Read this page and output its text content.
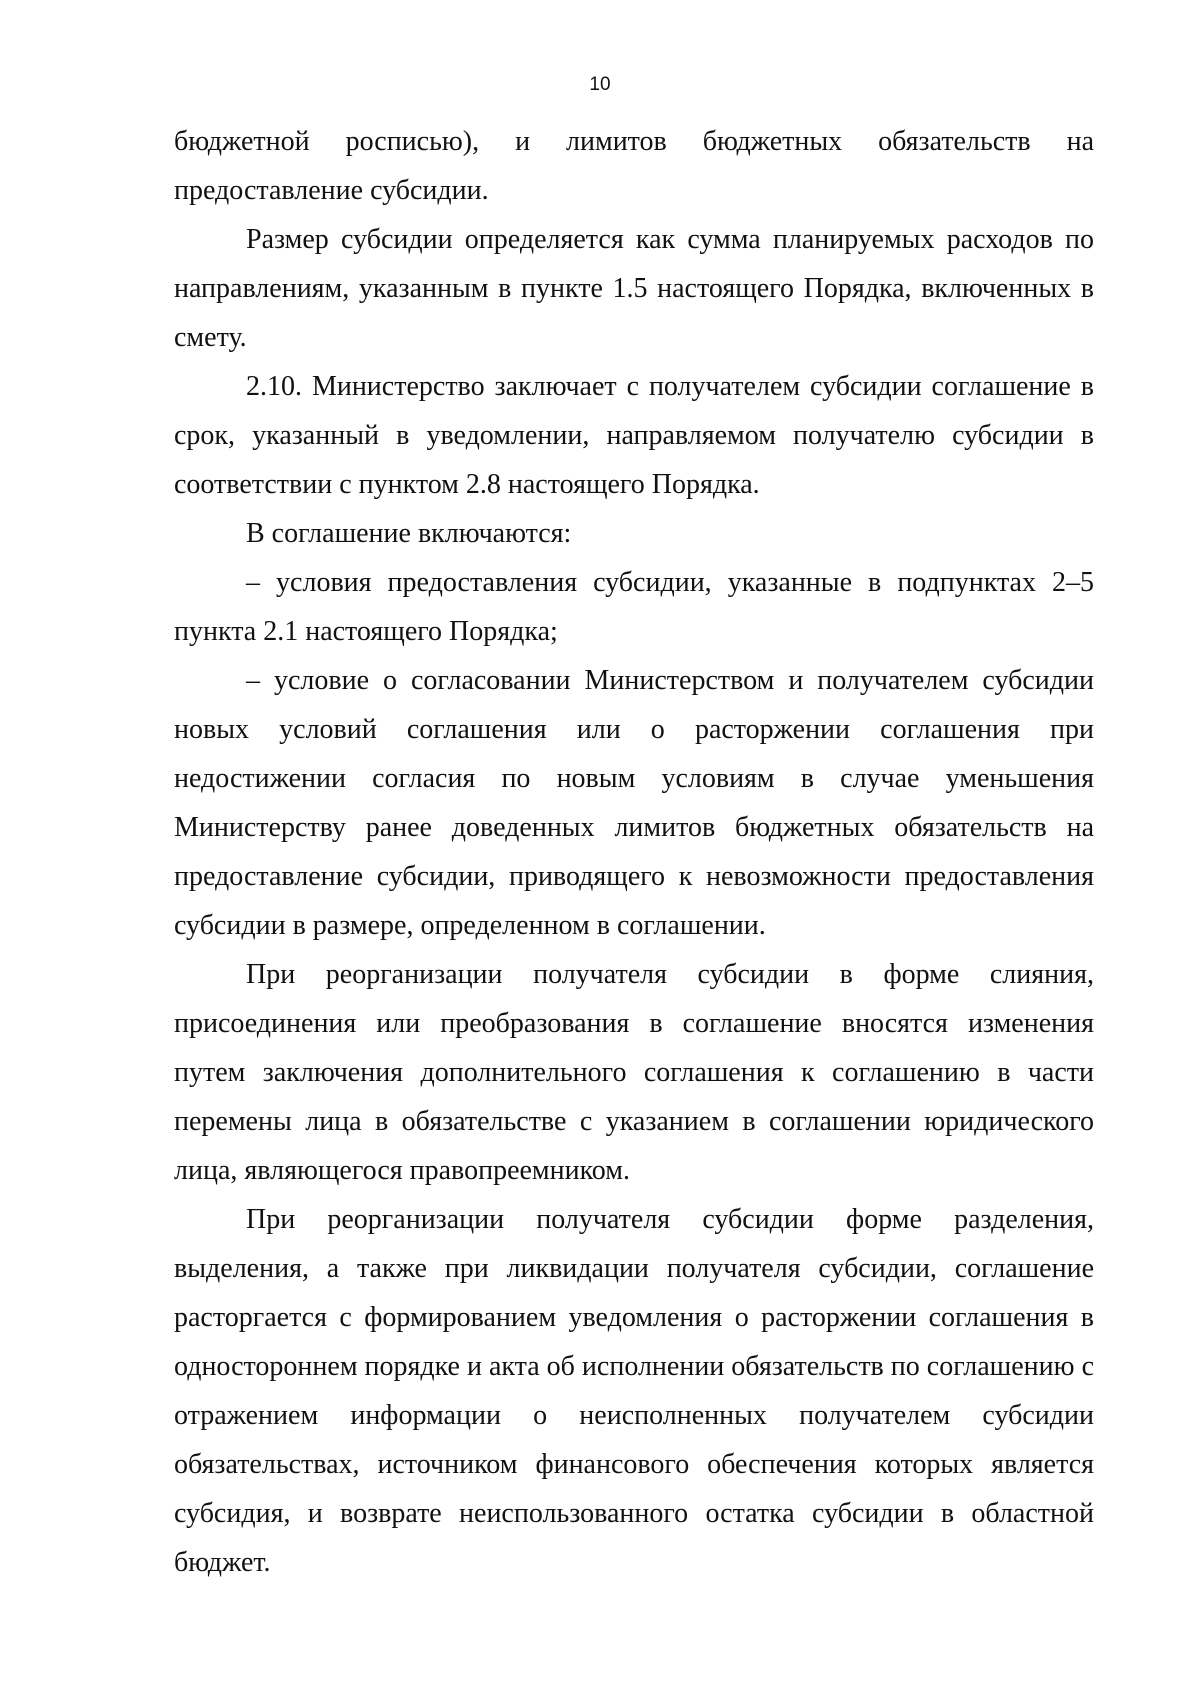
10

бюджетной росписью), и лимитов бюджетных обязательств на предоставление субсидии.

Размер субсидии определяется как сумма планируемых расходов по направлениям, указанным в пункте 1.5 настоящего Порядка, включенных в смету.

2.10. Министерство заключает с получателем субсидии соглашение в срок, указанный в уведомлении, направляемом получателю субсидии в соответствии с пунктом 2.8 настоящего Порядка.

В соглашение включаются:

– условия предоставления субсидии, указанные в подпунктах 2–5 пункта 2.1 настоящего Порядка;

– условие о согласовании Министерством и получателем субсидии новых условий соглашения или о расторжении соглашения при недостижении согласия по новым условиям в случае уменьшения Министерству ранее доведенных лимитов бюджетных обязательств на предоставление субсидии, приводящего к невозможности предоставления субсидии в размере, определенном в соглашении.

При реорганизации получателя субсидии в форме слияния, присоединения или преобразования в соглашение вносятся изменения путем заключения дополнительного соглашения к соглашению в части перемены лица в обязательстве с указанием в соглашении юридического лица, являющегося правопреемником.

При реорганизации получателя субсидии форме разделения, выделения, а также при ликвидации получателя субсидии, соглашение расторгается с формированием уведомления о расторжении соглашения в одностороннем порядке и акта об исполнении обязательств по соглашению с отражением информации о неисполненных получателем субсидии обязательствах, источником финансового обеспечения которых является субсидия, и возврате неиспользованного остатка субсидии в областной бюджет.
